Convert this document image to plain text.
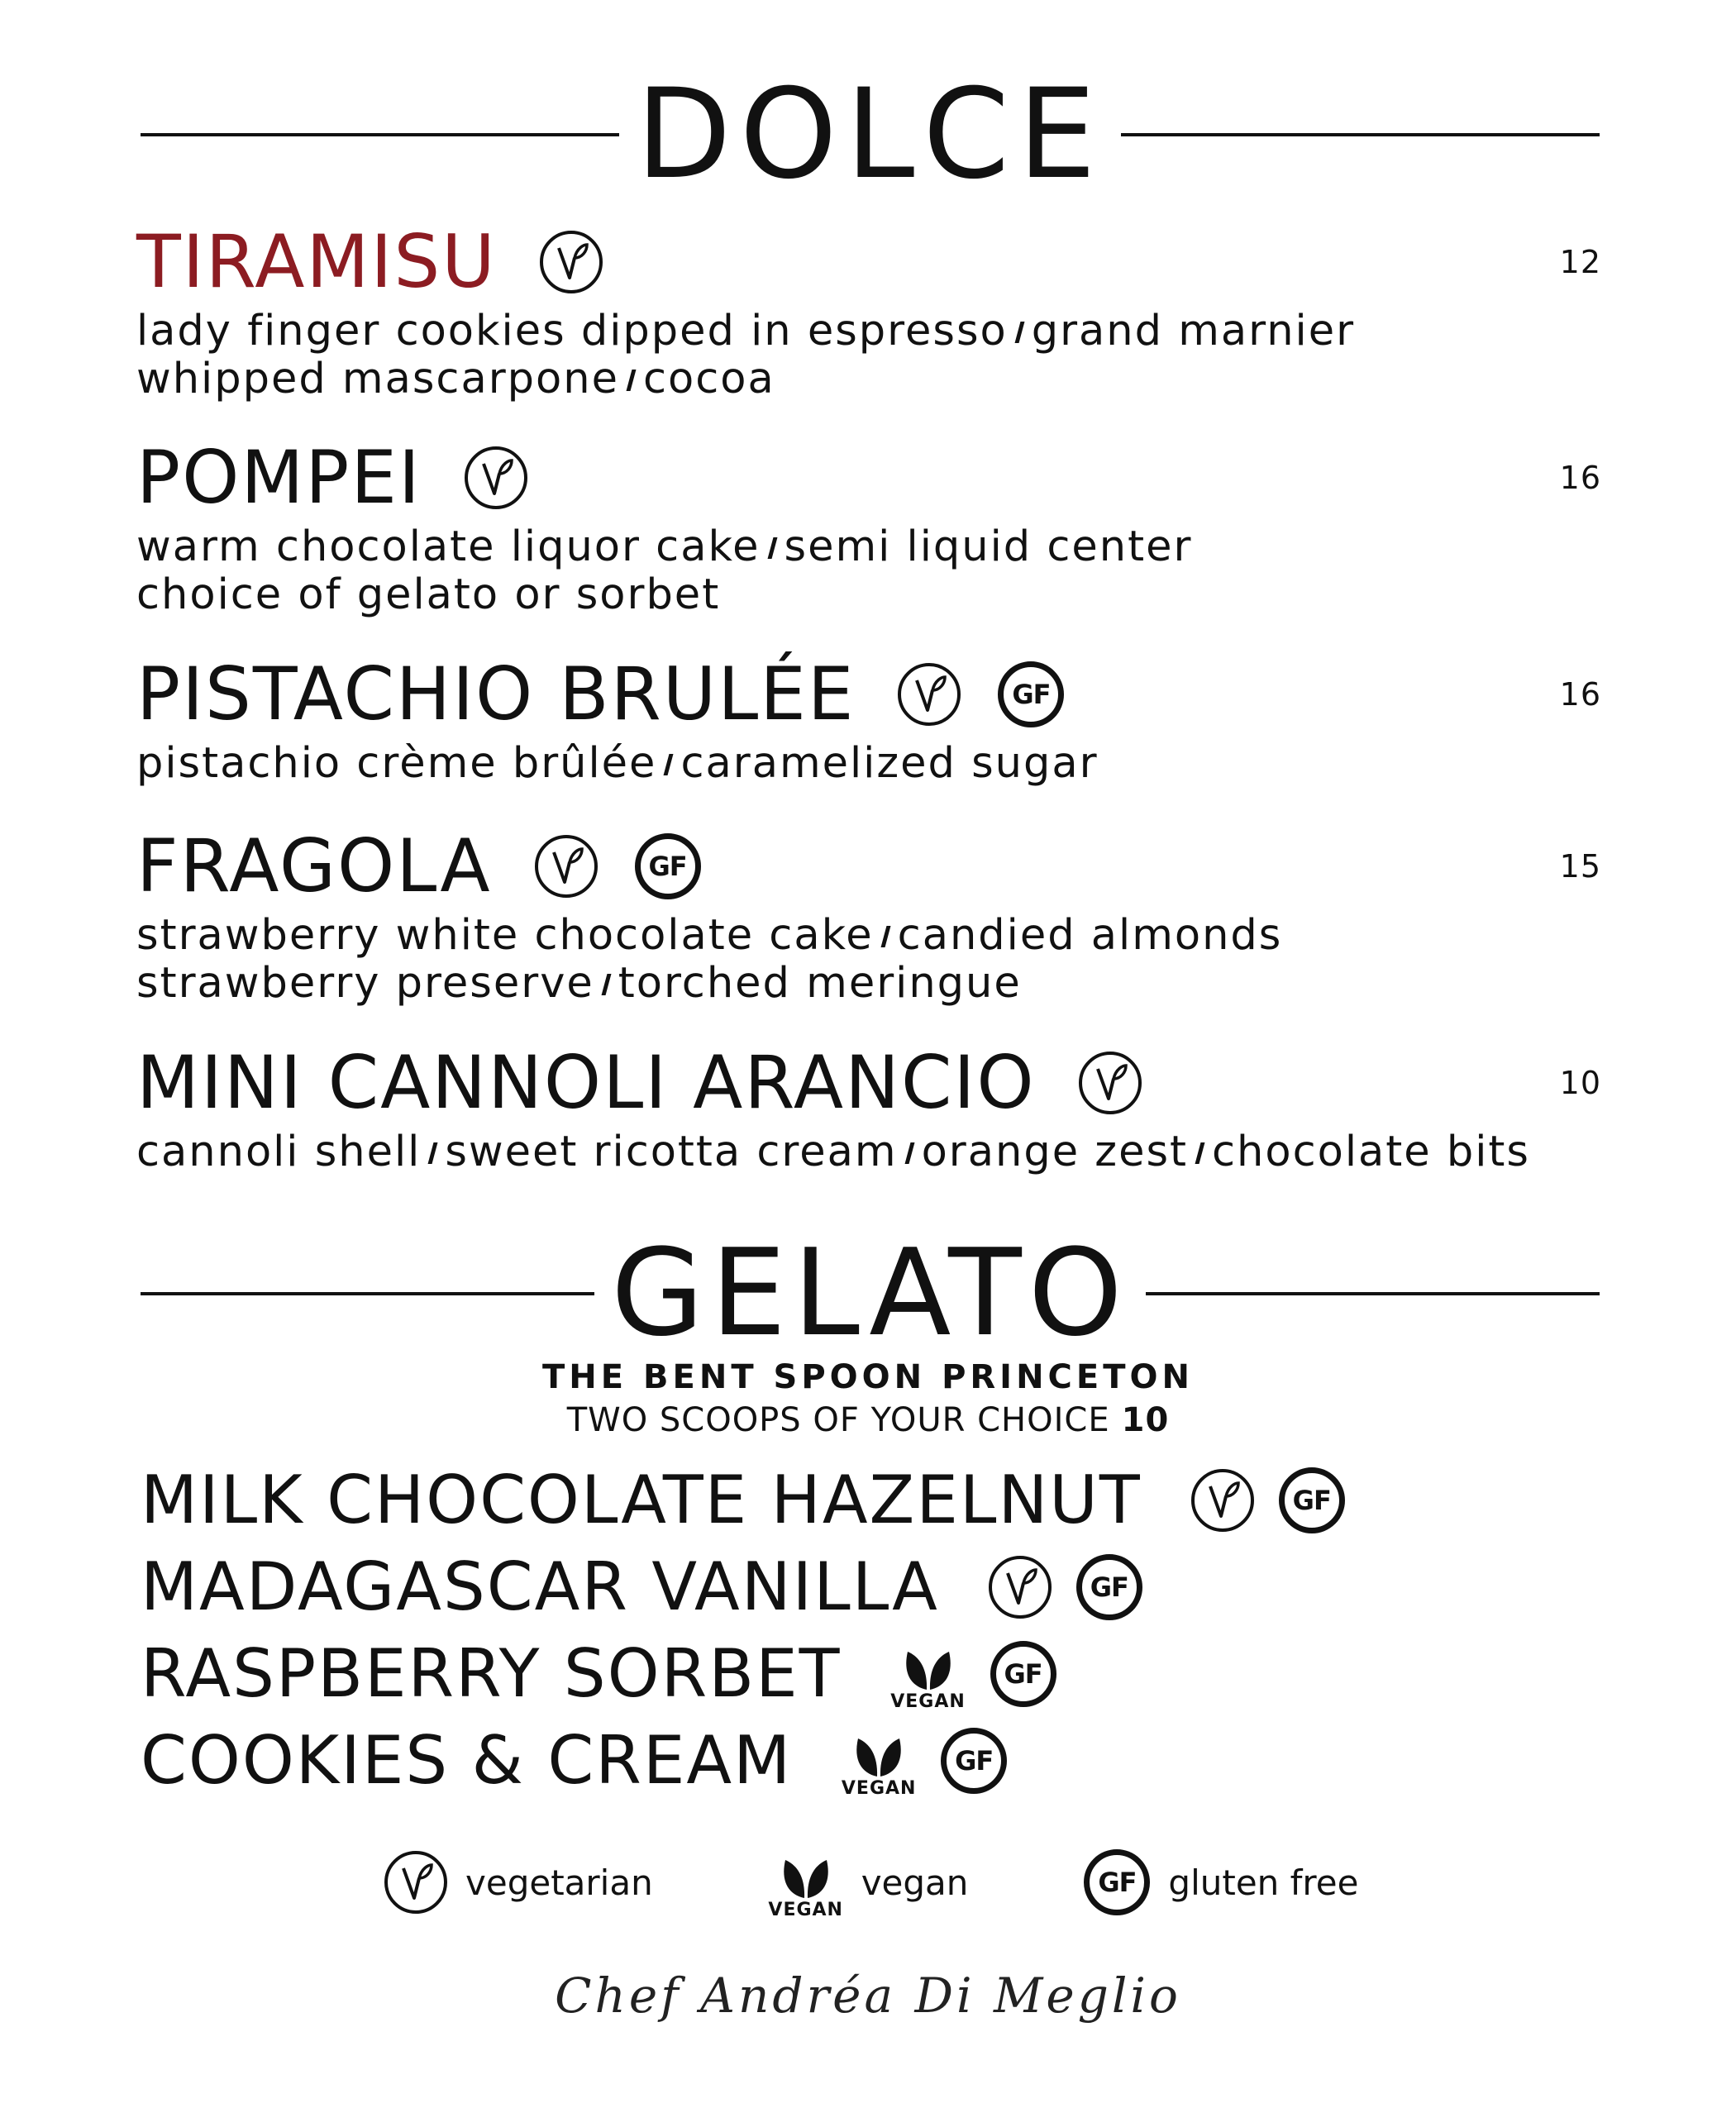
DOLCE
TIRAMISU	12
lady finger cookies dipped in espresso grand marnier
whipped mascarpone cocoa
POMPEI	16
warm chocolate liquor cake semi liquid center
choice of gelato or sorbet
PISTACHIO BRULÉE	GF	16
pistachio crème brûlée caramelized sugar
FRAGOLA	GF	15
strawberry white chocolate cake candied almonds
strawberry preserve torched meringue
MINI CANNOLI ARANCIO	10
cannoli shell sweet ricotta cream orange zest chocolate bits
GELATO
THE BENT SPOON PRINCETON
TWO SCOOPS OF YOUR CHOICE 10
MILK CHOCOLATE HAZELNUT	GF
MADAGASCAR VANILLA	GF
RASPBERRY SORBET	VEGAN
GF
COOKIES & CREAM	VEGAN
GF
vegetarian
VEGAN
vegan	GF gluten free
Chef Andréa Di Meglio
